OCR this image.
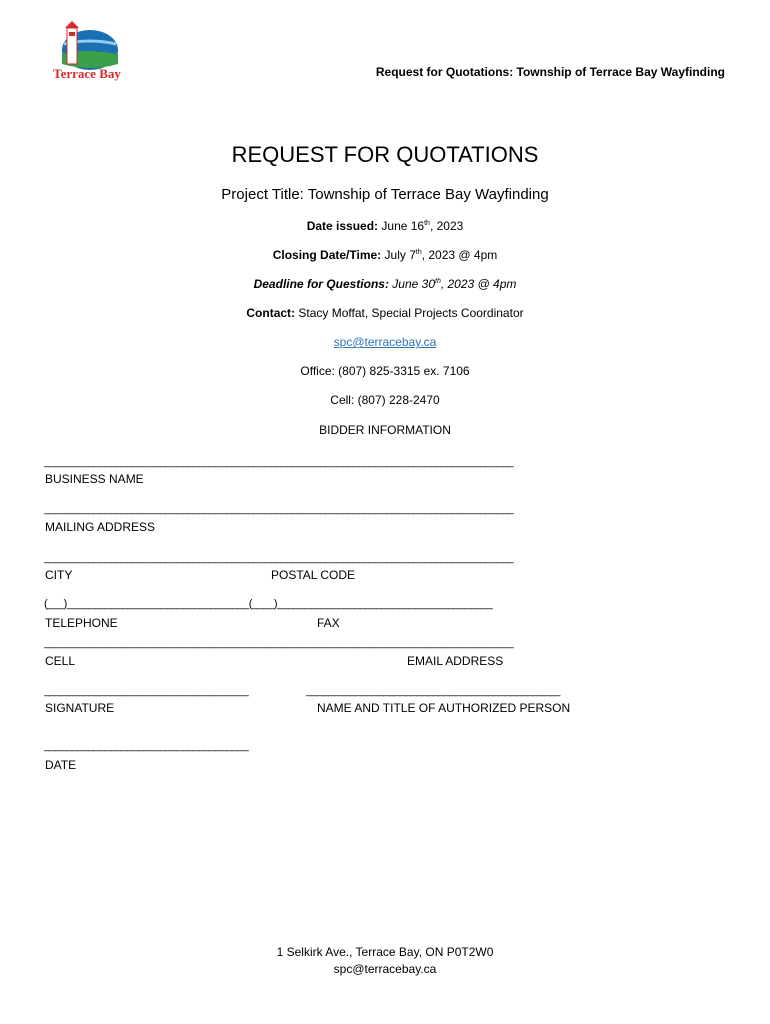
Terrace Bay	Request for Quotations: Township of Terrace Bay Wayfinding
REQUEST FOR QUOTATIONS
Project Title: Township of Terrace Bay Wayfinding
Date issued: June 16th, 2023
Closing Date/Time: July 7th, 2023 @ 4pm
Deadline for Questions: June 30th, 2023 @ 4pm
Contact: Stacy Moffat, Special Projects Coordinator
spc@terracebay.ca
Office: (807) 825-3315 ex. 7106
Cell: (807) 228-2470
BIDDER INFORMATION
_____________________________________________________________________________________
BUSINESS NAME
_____________________________________________________________________________________
MAILING ADDRESS
_____________________________________________________________________________________
CITY	POSTAL CODE
(___)_________________________________(____)_______________________________________
TELEPHONE	FAX
_____________________________________________________________________________________
CELL	EMAIL ADDRESS
_____________________________________	______________________________________________
SIGNATURE	NAME AND TITLE OF AUTHORIZED PERSON
_____________________________________
DATE
1 Selkirk Ave., Terrace Bay, ON P0T2W0
spc@terracebay.ca
